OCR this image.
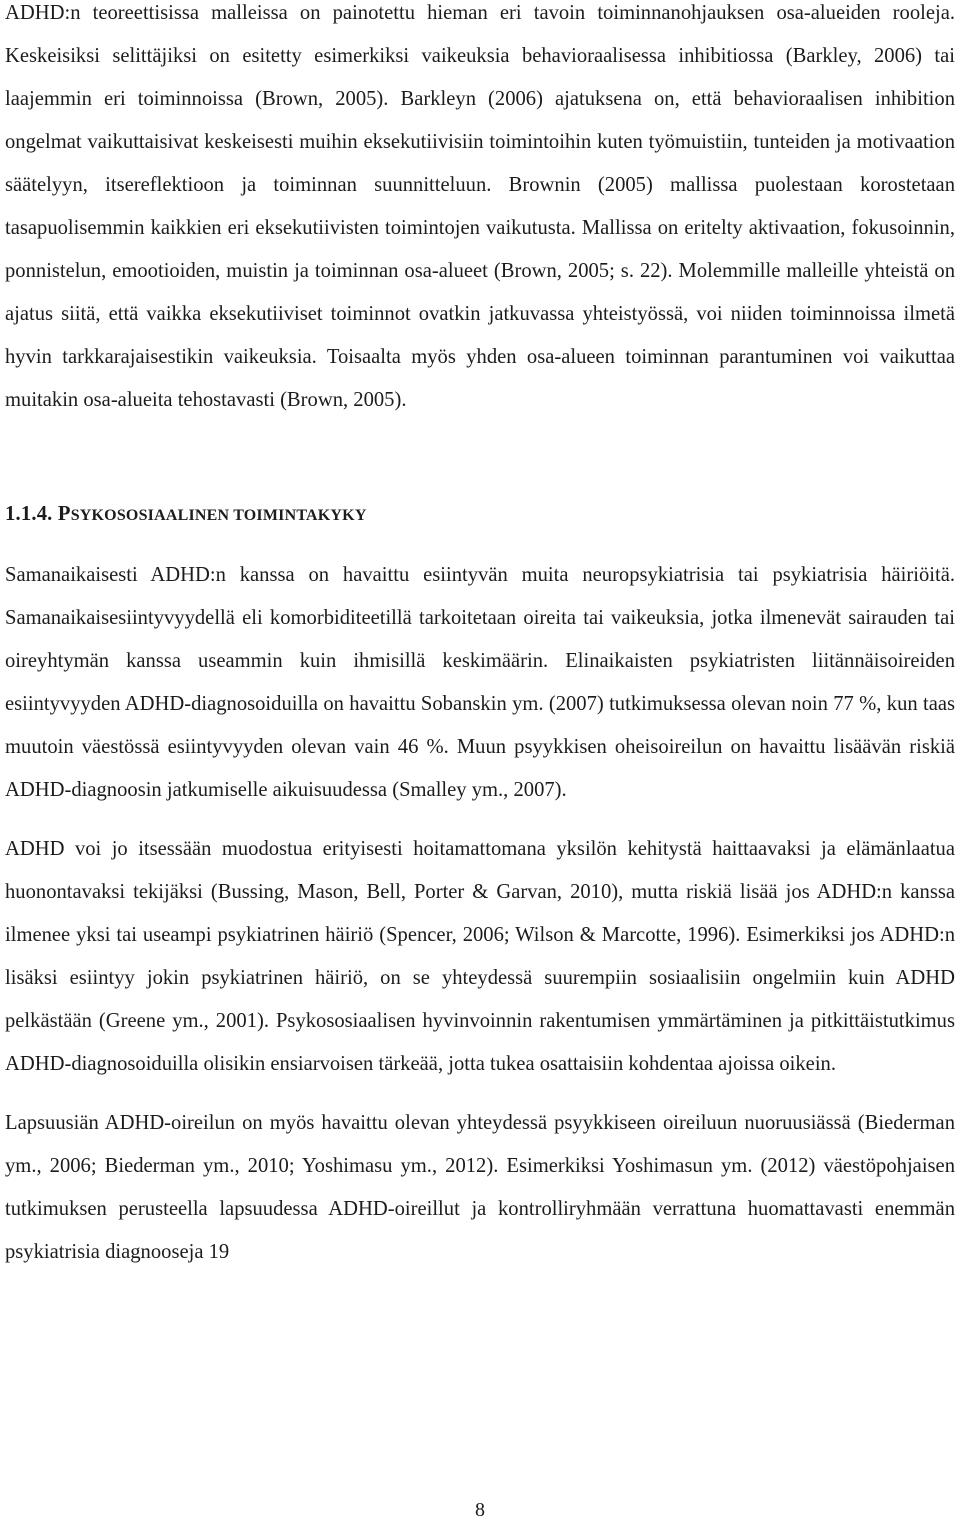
ADHD:n teoreettisissa malleissa on painotettu hieman eri tavoin toiminnanohjauksen osa-alueiden rooleja. Keskeisiksi selittäjiksi on esitetty esimerkiksi vaikeuksia behavioraalisessa inhibitiossa (Barkley, 2006) tai laajemmin eri toiminnoissa (Brown, 2005). Barkleyn (2006) ajatuksena on, että behavioraalisen inhibition ongelmat vaikuttaisivat keskeisesti muihin eksekutiivisiin toimintoihin kuten työmuistiin, tunteiden ja motivaation säätelyyn, itsereflektioon ja toiminnan suunnitteluun. Brownin (2005) mallissa puolestaan korostetaan tasapuolisemmin kaikkien eri eksekutiivisten toimintojen vaikutusta. Mallissa on eritelty aktivaation, fokusoinnin, ponnistelun, emootioiden, muistin ja toiminnan osa-alueet (Brown, 2005; s. 22). Molemmille malleille yhteistä on ajatus siitä, että vaikka eksekutiiviset toiminnot ovatkin jatkuvassa yhteistyössä, voi niiden toiminnoissa ilmetä hyvin tarkkarajaisestikin vaikeuksia. Toisaalta myös yhden osa-alueen toiminnan parantuminen voi vaikuttaa muitakin osa-alueita tehostavasti (Brown, 2005).

1.1.4. PSYKOSOSIAALINEN TOIMINTAKYKY

Samanaikaisesti ADHD:n kanssa on havaittu esiintyvän muita neuropsykiatrisia tai psykiatrisia häiriöitä. Samanaikaisesiintyvyydellä eli komorbiditeetillä tarkoitetaan oireita tai vaikeuksia, jotka ilmenevät sairauden tai oireyhtymän kanssa useammin kuin ihmisillä keskimäärin. Elinaikaisten psykiatristen liitännäisoireiden esiintyvyyden ADHD-diagnosoiduilla on havaittu Sobanskin ym. (2007) tutkimuksessa olevan noin 77 %, kun taas muutoin väestössä esiintyvyyden olevan vain 46 %. Muun psyykkisen oheisoireilun on havaittu lisäävän riskiä ADHD-diagnoosin jatkumiselle aikuisuudessa (Smalley ym., 2007).

ADHD voi jo itsessään muodostua erityisesti hoitamattomana yksilön kehitystä haittaavaksi ja elämänlaatua huonontavaksi tekijäksi (Bussing, Mason, Bell, Porter & Garvan, 2010), mutta riskiä lisää jos ADHD:n kanssa ilmenee yksi tai useampi psykiatrinen häiriö (Spencer, 2006; Wilson & Marcotte, 1996). Esimerkiksi jos ADHD:n lisäksi esiintyy jokin psykiatrinen häiriö, on se yhteydessä suurempiin sosiaalisiin ongelmiin kuin ADHD pelkästään (Greene ym., 2001). Psykososiaalisen hyvinvoinnin rakentumisen ymmärtäminen ja pitkittäistutkimus ADHD-diagnosoiduilla olisikin ensiarvoisen tärkeää, jotta tukea osattaisiin kohdentaa ajoissa oikein.

Lapsuusiän ADHD-oireilun on myös havaittu olevan yhteydessä psyykkiseen oireiluun nuoruusiässä (Biederman ym., 2006; Biederman ym., 2010; Yoshimasu ym., 2012). Esimerkiksi Yoshimasun ym. (2012) väestöpohjaisen tutkimuksen perusteella lapsuudessa ADHD-oireillut ja kontrolliryhmään verrattuna huomattavasti enemmän psykiatrisia diagnooseja 19

8
